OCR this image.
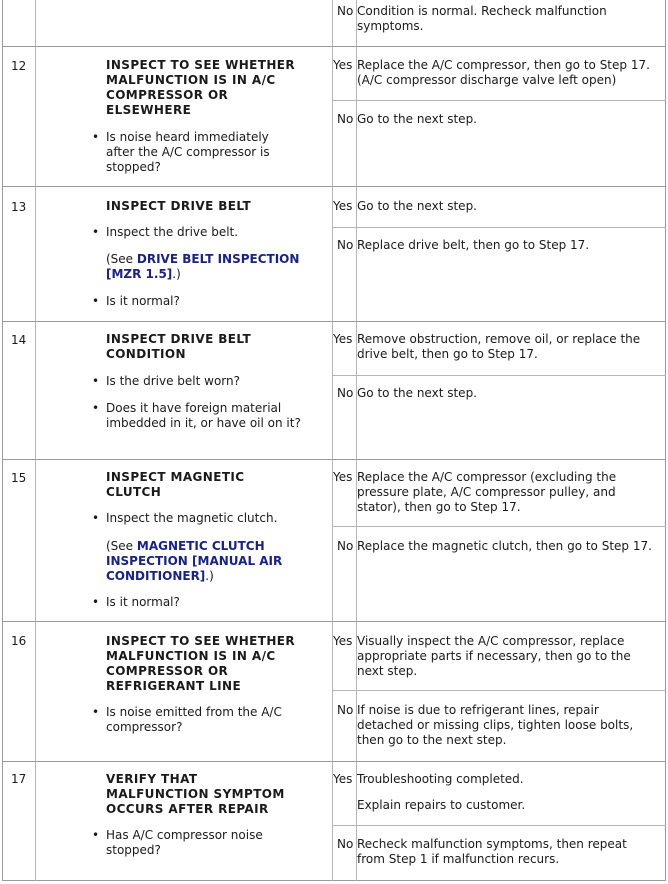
No Condition is normal. Recheck malfunction symptoms.
12	INSPECT TO SEE WHETHER MALFUNCTION IS IN A/C COMPRESSOR OR ELSEWHERE
• Is noise heard immediately after the A/C compressor is stopped?
Yes Replace the A/C compressor, then go to Step 17. (A/C compressor discharge valve left open)
No Go to the next step.
13	INSPECT DRIVE BELT
• Inspect the drive belt.
(See DRIVE BELT INSPECTION [MZR 1.5].)
• Is it normal?
Yes Go to the next step.
No Replace drive belt, then go to Step 17.
14	INSPECT DRIVE BELT CONDITION
• Is the drive belt worn?
• Does it have foreign material imbedded in it, or have oil on it?
Yes Remove obstruction, remove oil, or replace the drive belt, then go to Step 17.
No Go to the next step.
15	INSPECT MAGNETIC CLUTCH
• Inspect the magnetic clutch.
(See MAGNETIC CLUTCH INSPECTION [MANUAL AIR CONDITIONER].)
• Is it normal?
Yes Replace the A/C compressor (excluding the pressure plate, A/C compressor pulley, and stator), then go to Step 17.
No Replace the magnetic clutch, then go to Step 17.
16	INSPECT TO SEE WHETHER MALFUNCTION IS IN A/C COMPRESSOR OR REFRIGERANT LINE
• Is noise emitted from the A/C compressor?
Yes Visually inspect the A/C compressor, replace appropriate parts if necessary, then go to the next step.
No If noise is due to refrigerant lines, repair detached or missing clips, tighten loose bolts, then go to the next step.
17	VERIFY THAT MALFUNCTION SYMPTOM OCCURS AFTER REPAIR
• Has A/C compressor noise stopped?
Yes Troubleshooting completed.
Explain repairs to customer.
No Recheck malfunction symptoms, then repeat from Step 1 if malfunction recurs.
